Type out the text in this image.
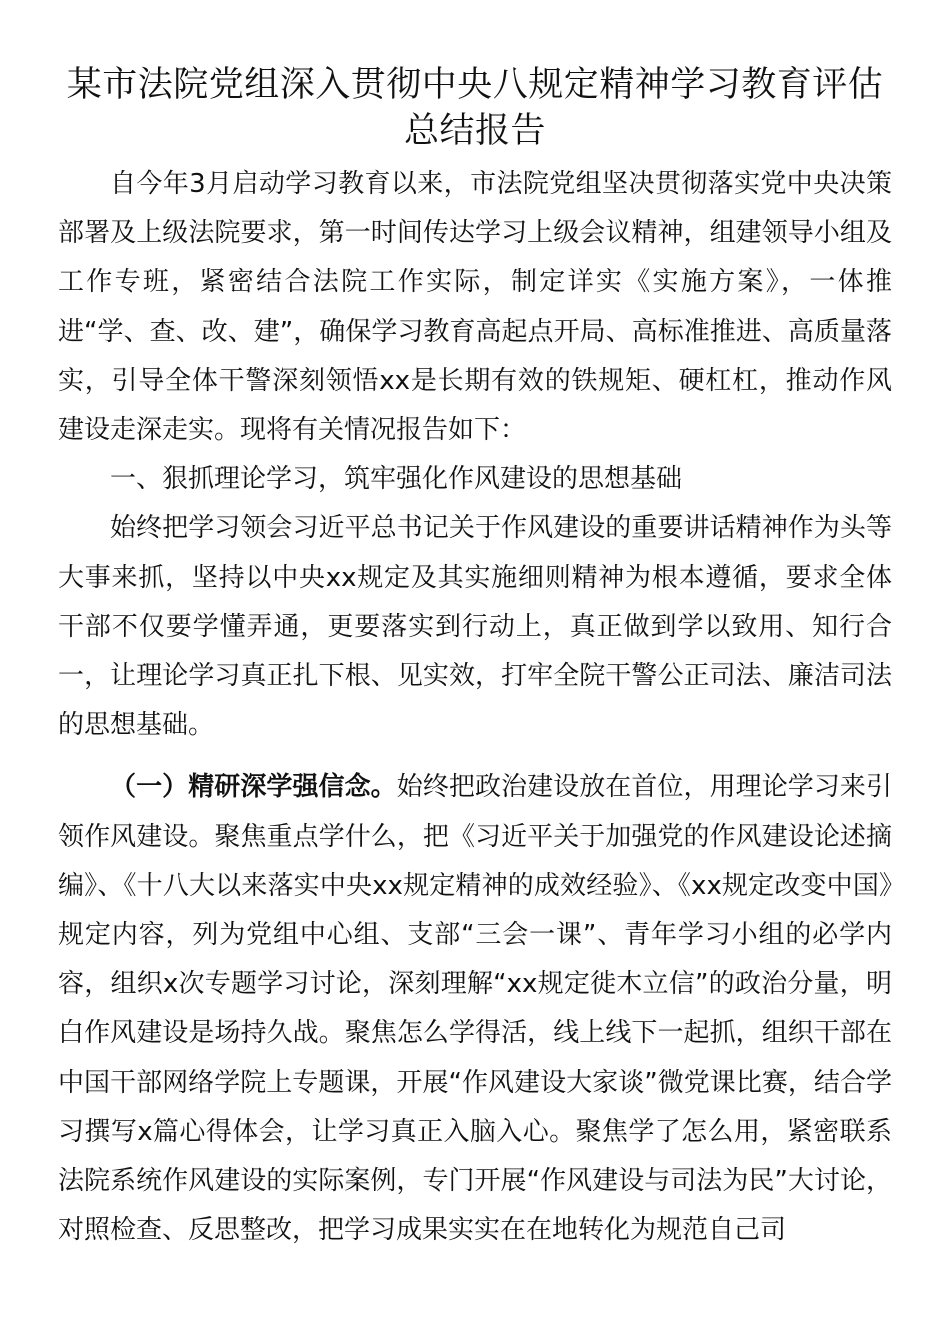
某市法院党组深入贯彻中央八规定精神学习教育评估
总结报告

自今年3月启动学习教育以来，市法院党组坚决贯彻落实党中央决策部署及上级法院要求，第一时间传达学习上级会议精神，组建领导小组及工作专班，紧密结合法院工作实际，制定详实《实施方案》，一体推进“学、查、改、建”，确保学习教育高起点开局、高标准推进、高质量落实，引导全体干警深刻领悟xx是长期有效的铁规矩、硬杠杠，推动作风建设走深走实。现将有关情况报告如下：

一、狠抓理论学习，筑牢强化作风建设的思想基础

始终把学习领会习近平总书记关于作风建设的重要讲话精神作为头等大事来抓，坚持以中央xx规定及其实施细则精神为根本遵循，要求全体干部不仅要学懂弄通，更要落实到行动上，真正做到学以致用、知行合一，让理论学习真正扎下根、见实效，打牢全院干警公正司法、廉洁司法的思想基础。

（一）精研深学强信念。始终把政治建设放在首位，用理论学习来引领作风建设。聚焦重点学什么，把《习近平关于加强党的作风建设论述摘编》、《十八大以来落实中央xx规定精神的成效经验》、《xx规定改变中国》规定内容，列为党组中心组、支部“三会一课”、青年学习小组的必学内容，组织x次专题学习讨论，深刻理解“xx规定徙木立信”的政治分量，明白作风建设是场持久战。聚焦怎么学得活，线上线下一起抓，组织干部在中国干部网络学院上专题课，开展“作风建设大家谈”微党课比赛，结合学习撰写x篇心得体会，让学习真正入脑入心。聚焦学了怎么用，紧密联系法院系统作风建设的实际案例，专门开展“作风建设与司法为民”大讨论，对照检查、反思整改，把学习成果实实在在地转化为规范自己司
